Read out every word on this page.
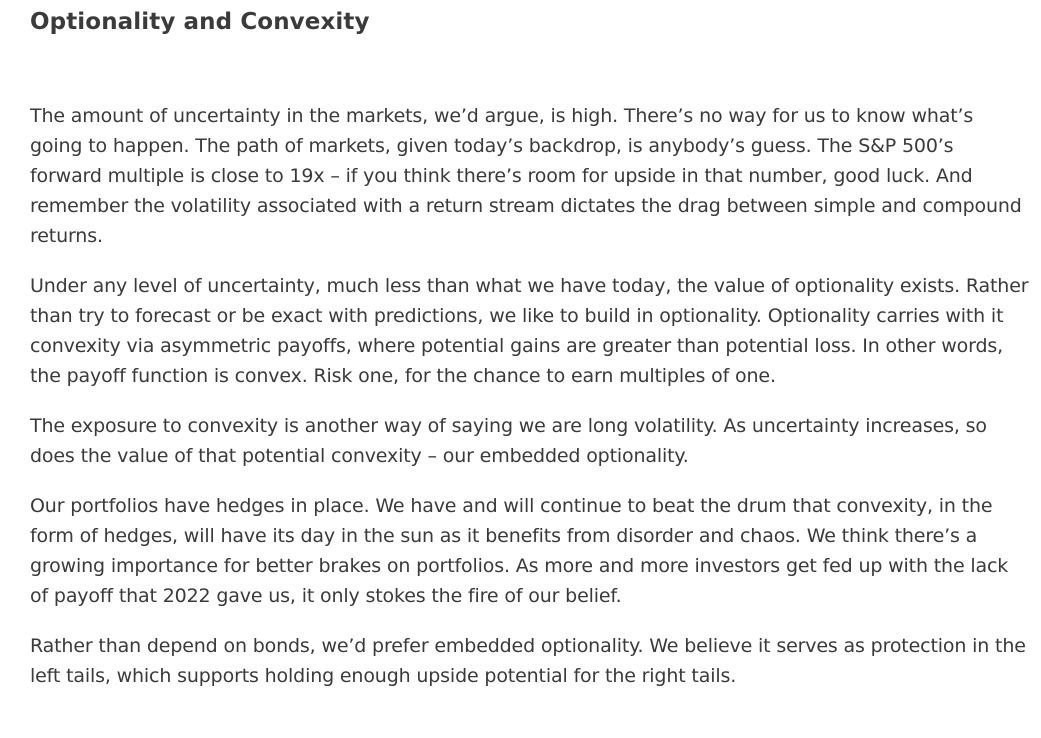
Optionality and Convexity

The amount of uncertainty in the markets, we’d argue, is high. There’s no way for us to know what’s going to happen. The path of markets, given today’s backdrop, is anybody’s guess. The S&P 500’s forward multiple is close to 19x – if you think there’s room for upside in that number, good luck. And remember the volatility associated with a return stream dictates the drag between simple and compound returns.

Under any level of uncertainty, much less than what we have today, the value of optionality exists. Rather than try to forecast or be exact with predictions, we like to build in optionality. Optionality carries with it convexity via asymmetric payoffs, where potential gains are greater than potential loss. In other words, the payoff function is convex. Risk one, for the chance to earn multiples of one.

The exposure to convexity is another way of saying we are long volatility. As uncertainty increases, so does the value of that potential convexity – our embedded optionality.

Our portfolios have hedges in place. We have and will continue to beat the drum that convexity, in the form of hedges, will have its day in the sun as it benefits from disorder and chaos. We think there’s a growing importance for better brakes on portfolios. As more and more investors get fed up with the lack of payoff that 2022 gave us, it only stokes the fire of our belief.

Rather than depend on bonds, we’d prefer embedded optionality. We believe it serves as protection in the left tails, which supports holding enough upside potential for the right tails.
